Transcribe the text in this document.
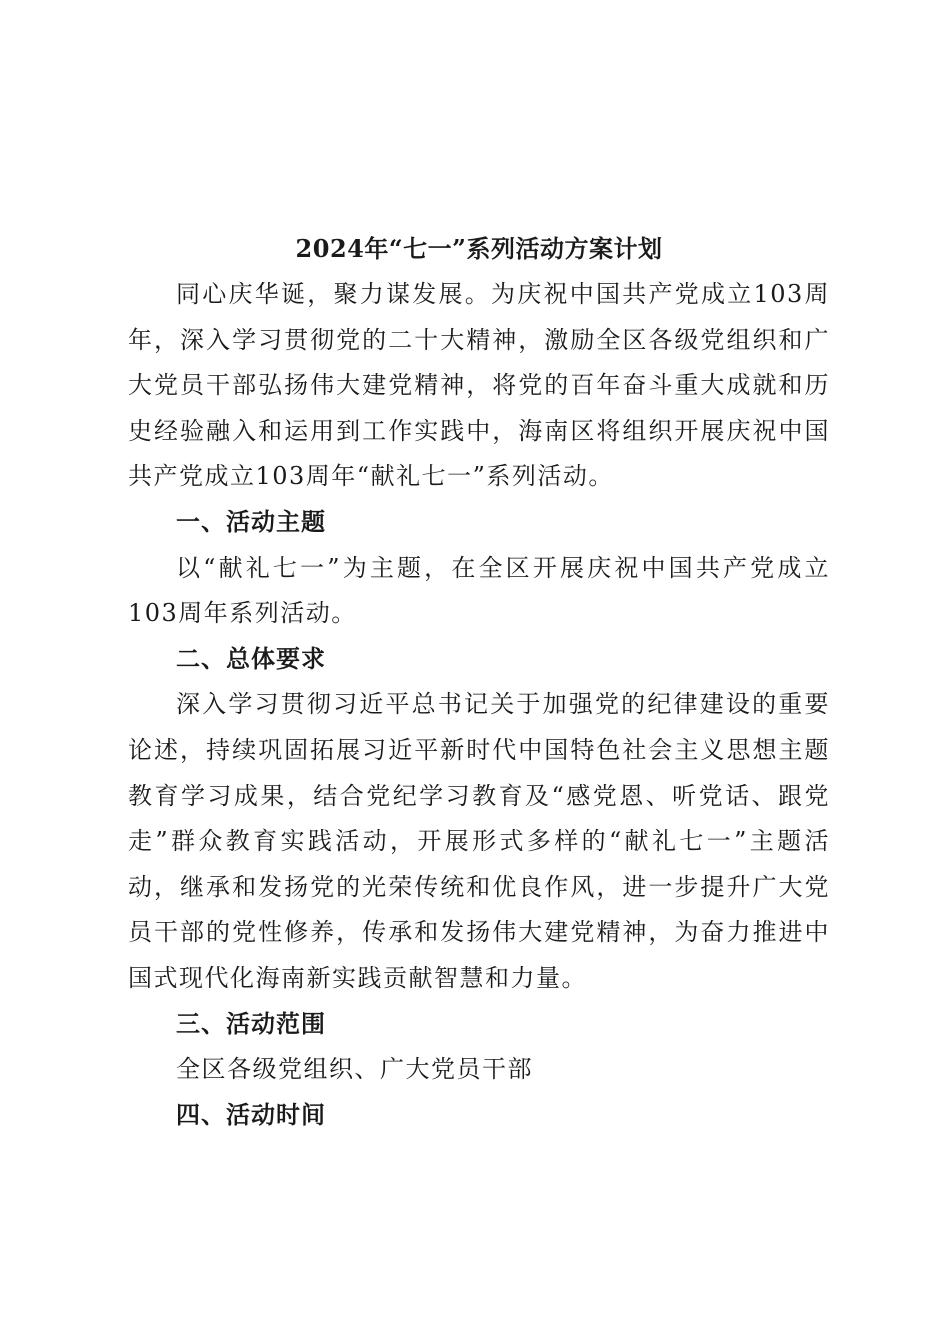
2024年“七一”系列活动方案计划

同心庆华诞，聚力谋发展。为庆祝中国共产党成立103周年，深入学习贯彻党的二十大精神，激励全区各级党组织和广大党员干部弘扬伟大建党精神，将党的百年奋斗重大成就和历史经验融入和运用到工作实践中，海南区将组织开展庆祝中国共产党成立103周年“献礼七一”系列活动。

一、活动主题

以“献礼七一”为主题，在全区开展庆祝中国共产党成立103周年系列活动。

二、总体要求

深入学习贯彻习近平总书记关于加强党的纪律建设的重要论述，持续巩固拓展习近平新时代中国特色社会主义思想主题教育学习成果，结合党纪学习教育及“感党恩、听党话、跟党走”群众教育实践活动，开展形式多样的“献礼七一”主题活动，继承和发扬党的光荣传统和优良作风，进一步提升广大党员干部的党性修养，传承和发扬伟大建党精神，为奋力推进中国式现代化海南新实践贡献智慧和力量。

三、活动范围

全区各级党组织、广大党员干部

四、活动时间
